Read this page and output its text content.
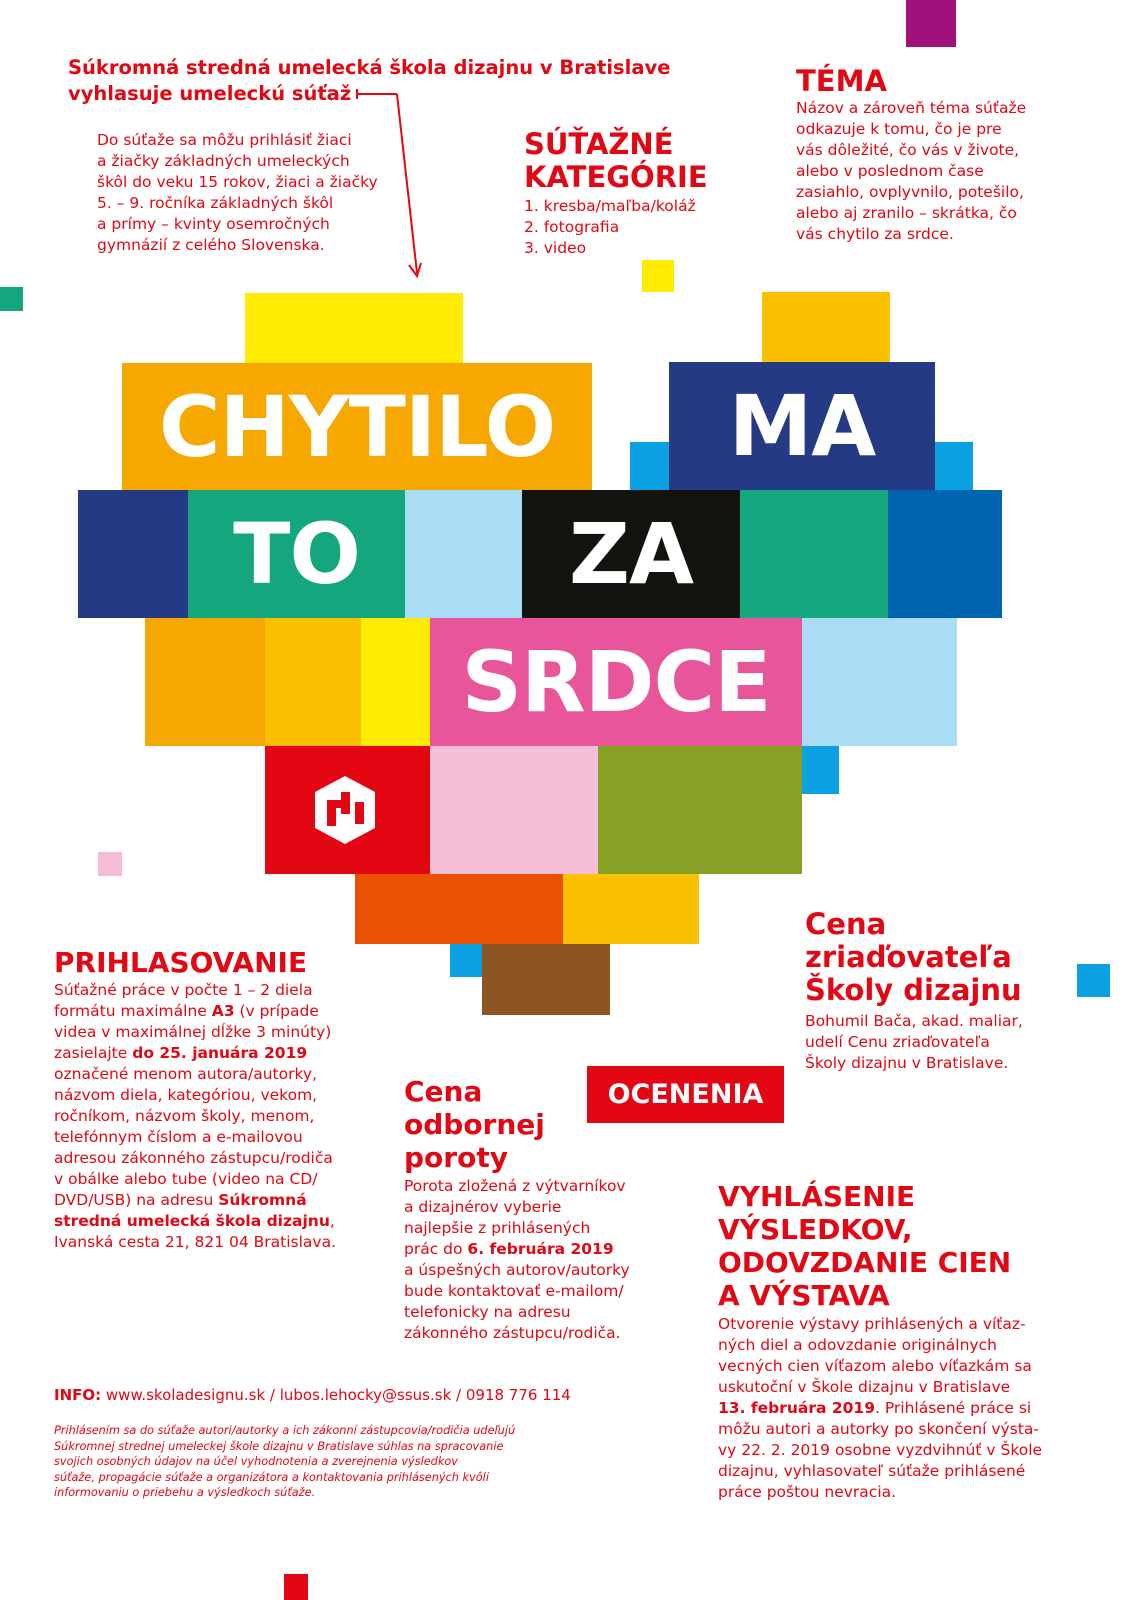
Súkromná stredná umelecká škola dizajnu v Bratislave
vyhlasuje umeleckú súťaž
Do súťaže sa môžu prihlásiť žiaci
a žiačky základných umeleckých
škôl do veku 15 rokov, žiaci a žiačky
5. – 9. ročníka základných škôl
a prímy – kvinty osemročných
gymnázií z celého Slovenska.
SÚŤAŽNÉ
KATEGÓRIE
1. kresba/maľba/koláž
2. fotografia
3. video
TÉMA
Názov a zároveň téma súťaže
odkazuje k tomu, čo je pre
vás dôležité, čo vás v živote,
alebo v poslednom čase
zasiahlo, ovplyvnilo, potešilo,
alebo aj zranilo – skrátka, čo
vás chytilo za srdce.
CHYTILO	MA
TO	ZA
SRDCE
PRIHLASOVANIE
Súťažné práce v počte 1 – 2 diela
formátu maximálne A3 (v prípade
videa v maximálnej dĺžke 3 minúty)
zasielajte do 25. januára 2019
označené menom autora/autorky,
názvom diela, kategóriou, vekom,
ročníkom, názvom školy, menom,
telefónnym číslom a e-mailovou
adresou zákonného zástupcu/rodiča
v obálke alebo tube (video na CD/
DVD/USB) na adresu Súkromná
stredná umelecká škola dizajnu,
Ivanská cesta 21, 821 04 Bratislava.
OCENENIA
Cena
odbornej
poroty
Porota zložená z výtvarníkov
a dizajnérov vyberie
najlepšie z prihlásených
prác do 6. februára 2019
a úspešných autorov/autorky
bude kontaktovať e-mailom/
telefonicky na adresu
zákonného zástupcu/rodiča.
Cena
zriaďovateľa
Školy dizajnu
Bohumil Bača, akad. maliar,
udelí Cenu zriaďovateľa
Školy dizajnu v Bratislave.
VYHLÁSENIE
VÝSLEDKOV,
ODOVZDANIE CIEN
A VÝSTAVA
Otvorenie výstavy prihlásených a víťaz-
ných diel a odovzdanie originálnych
vecných cien víťazom alebo víťazkám sa
uskutoční v Škole dizajnu v Bratislave
13. februára 2019. Prihlásené práce si
môžu autori a autorky po skončení výsta-
vy 22. 2. 2019 osobne vyzdvihnúť v Škole
dizajnu, vyhlasovateľ súťaže prihlásené
práce poštou nevracia.
INFO: www.skoladesignu.sk / lubos.lehocky@ssus.sk / 0918 776 114
Prihlásením sa do súťaže autori/autorky a ich zákonní zástupcovia/rodičia udeľujú
Súkromnej strednej umeleckej škole dizajnu v Bratislave súhlas na spracovanie
svojich osobných údajov na účel vyhodnotenia a zverejnenia výsledkov
súťaže, propagácie súťaže a organizátora a kontaktovania prihlásených kvôli
informovaniu o priebehu a výsledkoch súťaže.
